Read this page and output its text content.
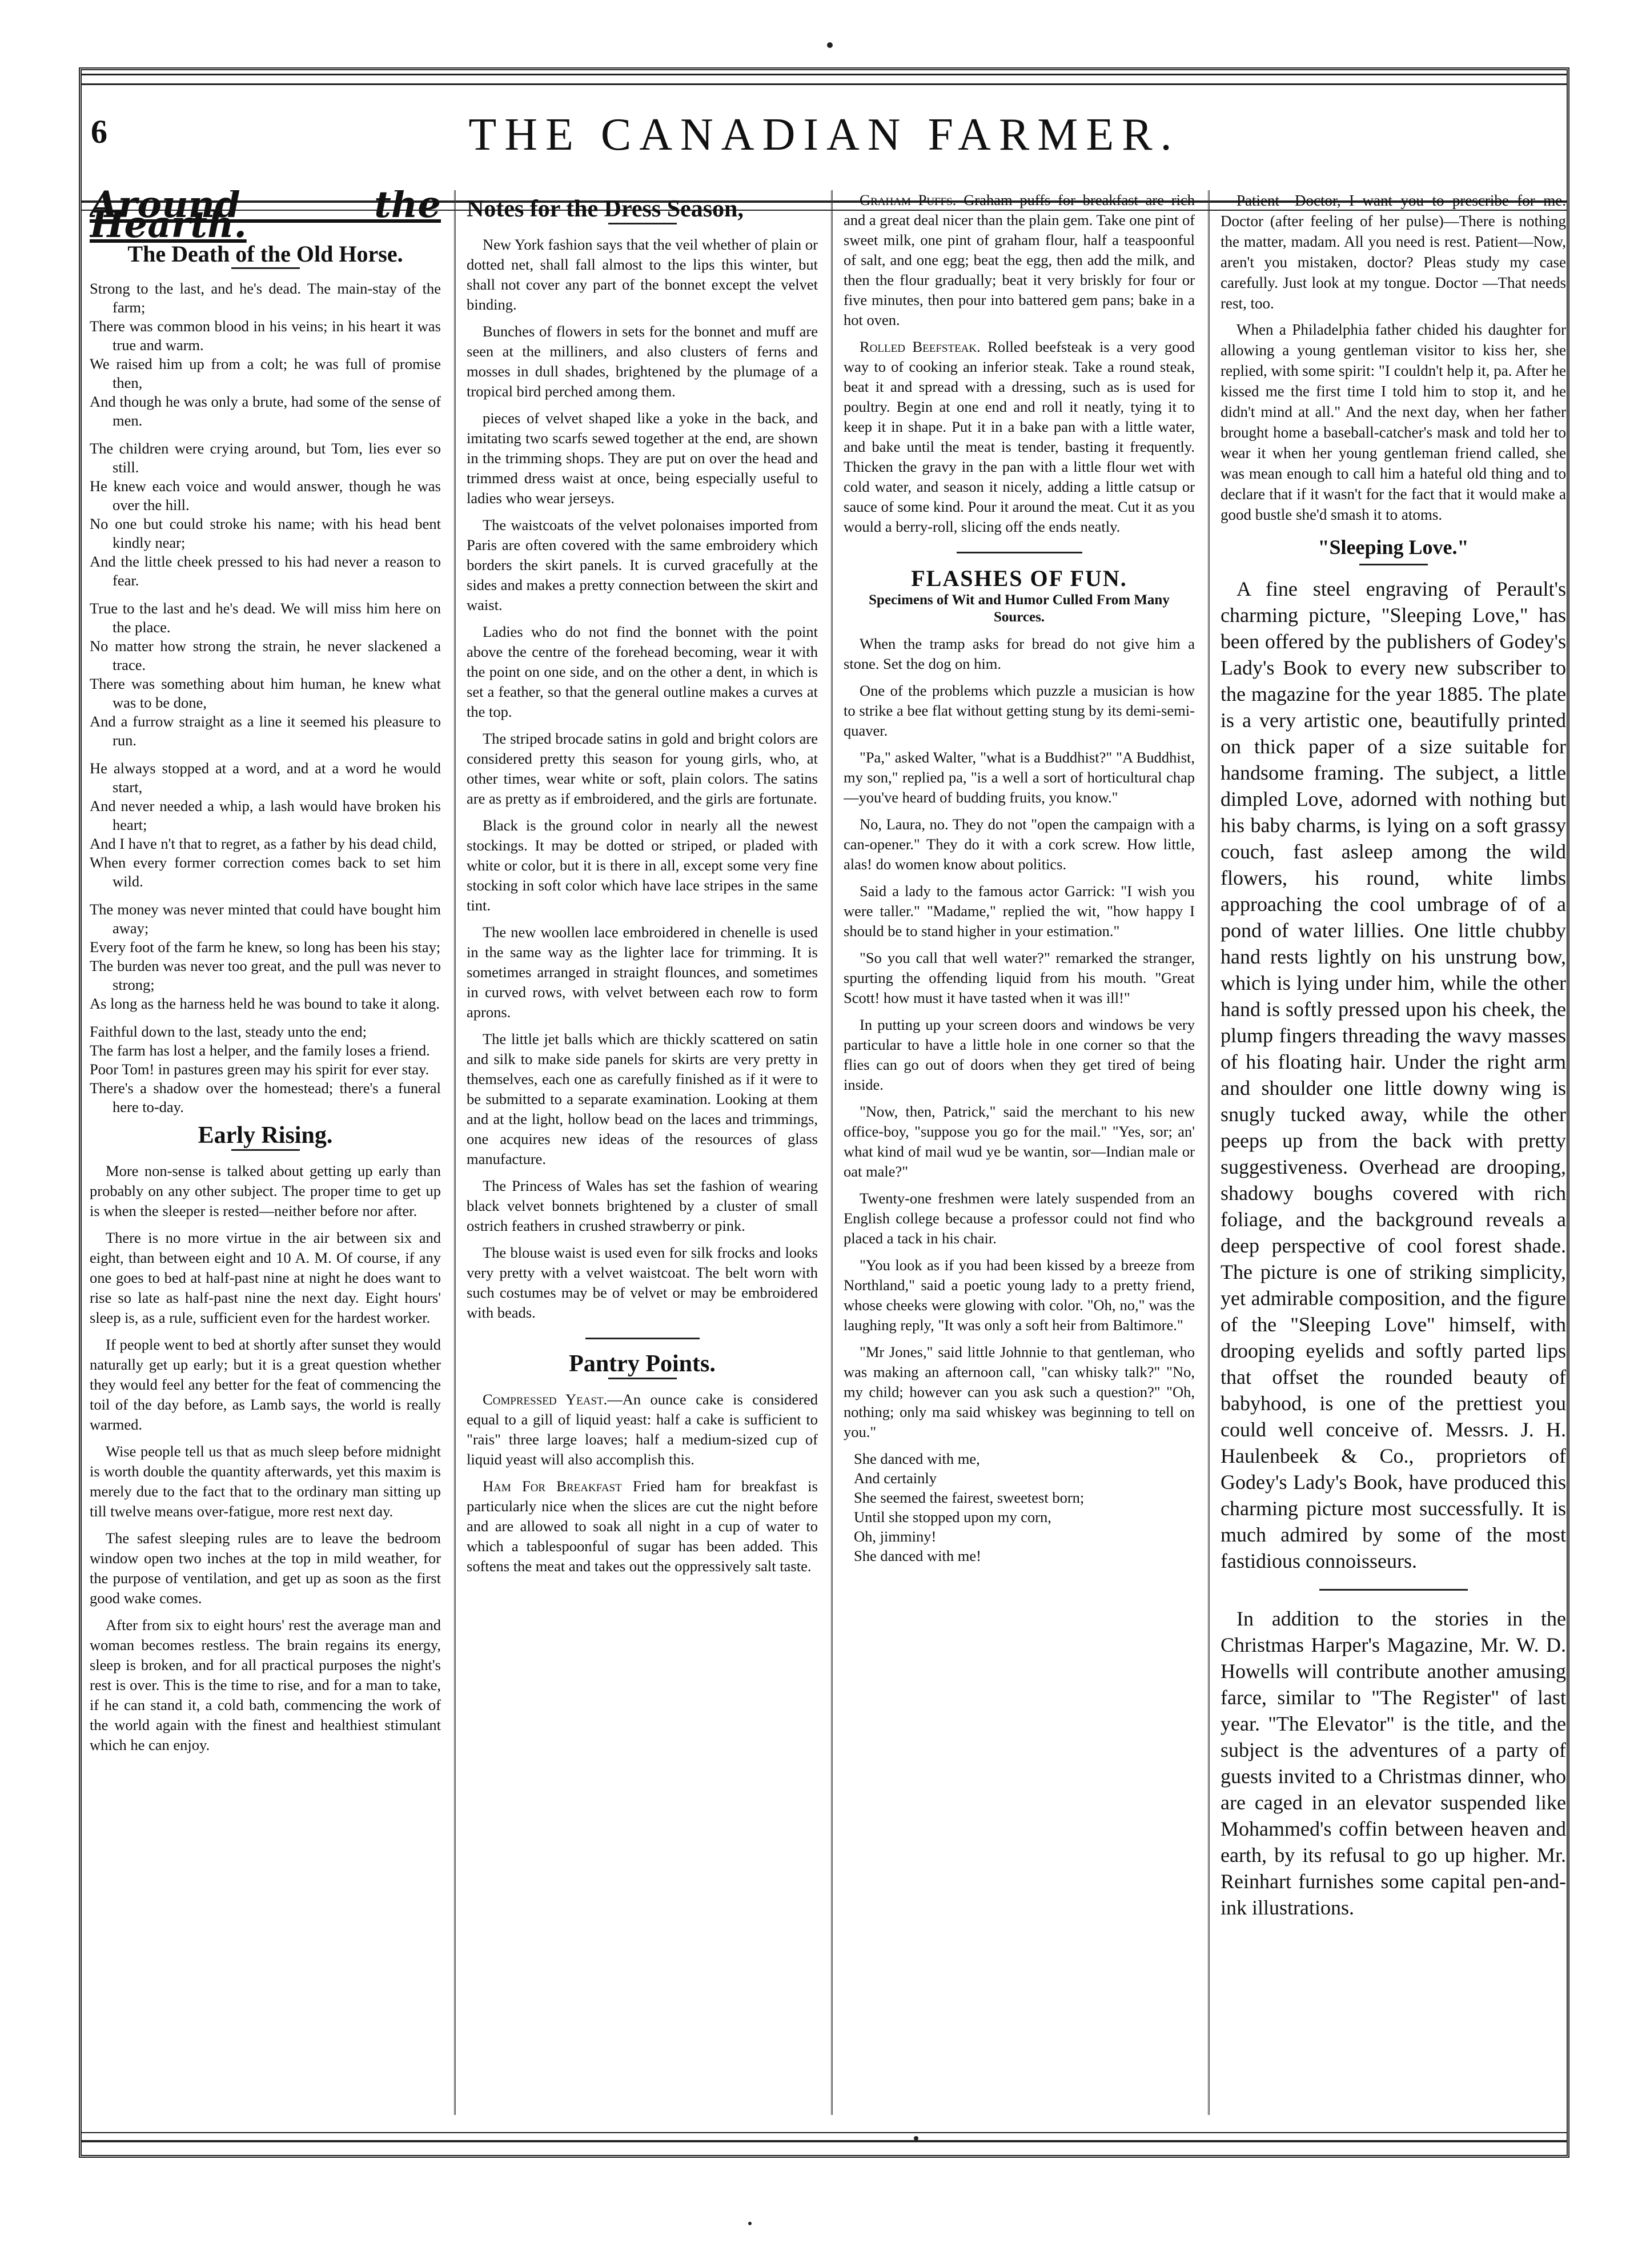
6	THE CANADIAN FARMER.
Around the Hearth.
The Death of the Old Horse.
Strong to the last, and he's dead. The main-stay of the farm;
There was common blood in his veins; in his heart it was true and warm.
We raised him up from a colt; he was full of promise then,
And though he was only a brute, had some of the sense of men.
The children were crying around, but Tom, lies ever so still.
He knew each voice and would answer, though he was over the hill.
No one but could stroke his name; with his head bent kindly near;
And the little cheek pressed to his had never a reason to fear.
True to the last and he's dead. We will miss him here on the place.
No matter how strong the strain, he never slackened a trace.
There was something about him human, he knew what was to be done,
And a furrow straight as a line it seemed his pleasure to run.
He always stopped at a word, and at a word he would start,
And never needed a whip, a lash would have broken his heart;
And I have n't that to regret, as a father by his dead child,
When every former correction comes back to set him wild.
The money was never minted that could have bought him away;
Every foot of the farm he knew, so long has been his stay;
The burden was never too great, and the pull was never to strong;
As long as the harness held he was bound to take it along.
Faithful down to the last, steady unto the end;
The farm has lost a helper, and the family loses a friend.
Poor Tom! in pastures green may his spirit for ever stay.
There's a shadow over the homestead; there's a funeral here to-day.
Early Rising.

More non-sense is talked about getting up early than probably on any other subject. The proper time to get up is when the sleeper is rested—neither before nor after.

There is no more virtue in the air between six and eight, than between eight and 10 A. M. Of course, if any one goes to bed at half-past nine at night he does want to rise so late as half-past nine the next day. Eight hours' sleep is, as a rule, sufficient even for the hardest worker.

If people went to bed at shortly after sunset they would naturally get up early; but it is a great question whether they would feel any better for the feat of commencing the toil of the day before, as Lamb says, the world is really warmed.

Wise people tell us that as much sleep before midnight is worth double the quantity afterwards, yet this maxim is merely due to the fact that to the ordinary man sitting up till twelve means over-fatigue, more rest next day.

The safest sleeping rules are to leave the bedroom window open two inches at the top in mild weather, for the purpose of ventilation, and get up as soon as the first good wake comes.

After from six to eight hours' rest the average man and woman becomes restless. The brain regains its energy, sleep is broken, and for all practical purposes the night's rest is over. This is the time to rise, and for a man to take, if he can stand it, a cold bath, commencing the work of the world again with the finest and healthiest stimulant which he can enjoy.

Notes for the Dress Season,

New York fashion says that the veil whether of plain or dotted net, shall fall almost to the lips this winter, but shall not cover any part of the bonnet except the velvet binding.

Bunches of flowers in sets for the bonnet and muff are seen at the milliners, and also clusters of ferns and mosses in dull shades, brightened by the plumage of a tropical bird perched among them.

pieces of velvet shaped like a yoke in the back, and imitating two scarfs sewed together at the end, are shown in the trimming shops. They are put on over the head and trimmed dress waist at once, being especially useful to ladies who wear jerseys.

The waistcoats of the velvet polonaises imported from Paris are often covered with the same embroidery which borders the skirt panels. It is curved gracefully at the sides and makes a pretty connection between the skirt and waist.

Ladies who do not find the bonnet with the point above the centre of the forehead becoming, wear it with the point on one side, and on the other a dent, in which is set a feather, so that the general outline makes a curves at the top.

The striped brocade satins in gold and bright colors are considered pretty this season for young girls, who, at other times, wear white or soft, plain colors. The satins are as pretty as if embroidered, and the girls are fortunate.

Black is the ground color in nearly all the newest stockings. It may be dotted or striped, or pladed with white or color, but it is there in all, except some very fine stocking in soft color which have lace stripes in the same tint.

The new woollen lace embroidered in chenelle is used in the same way as the lighter lace for trimming. It is sometimes arranged in straight flounces, and sometimes in curved rows, with velvet between each row to form aprons.

The little jet balls which are thickly scattered on satin and silk to make side panels for skirts are very pretty in themselves, each one as carefully finished as if it were to be submitted to a separate examination. Looking at them and at the light, hollow bead on the laces and trimmings, one acquires new ideas of the resources of glass manufacture.

The Princess of Wales has set the fashion of wearing black velvet bonnets brightened by a cluster of small ostrich feathers in crushed strawberry or pink.

The blouse waist is used even for silk frocks and looks very pretty with a velvet waistcoat. The belt worn with such costumes may be of velvet or may be embroidered with beads.

Pantry Points.

Compressed Yeast.—An ounce cake is considered equal to a gill of liquid yeast: half a cake is sufficient to "rais" three large loaves; half a medium-sized cup of liquid yeast will also accomplish this.

Ham For Breakfast Fried ham for breakfast is particularly nice when the slices are cut the night before and are allowed to soak all night in a cup of water to which a tablespoonful of sugar has been added. This softens the meat and takes out the oppressively salt taste.

Graham Puffs. Graham puffs for breakfast are rich and a great deal nicer than the plain gem. Take one pint of sweet milk, one pint of graham flour, half a teaspoonful of salt, and one egg; beat the egg, then add the milk, and then the flour gradually; beat it very briskly for four or five minutes, then pour into battered gem pans; bake in a hot oven.

Rolled Beefsteak. Rolled beefsteak is a very good way to of cooking an inferior steak. Take a round steak, beat it and spread with a dressing, such as is used for poultry. Begin at one end and roll it neatly, tying it to keep it in shape. Put it in a bake pan with a little water, and bake until the meat is tender, basting it frequently. Thicken the gravy in the pan with a little flour wet with cold water, and season it nicely, adding a little catsup or sauce of some kind. Pour it around the meat. Cut it as you would a berry-roll, slicing off the ends neatly.

FLASHES OF FUN.
Specimens of Wit and Humor Culled From Many Sources.

When the tramp asks for bread do not give him a stone. Set the dog on him.

One of the problems which puzzle a musician is how to strike a bee flat without getting stung by its demi-semi-quaver.

"Pa," asked Walter, "what is a Buddhist?" "A Buddhist, my son," replied pa, "is a well a sort of horticultural chap—you've heard of budding fruits, you know."

No, Laura, no. They do not "open the campaign with a can-opener." They do it with a cork screw. How little, alas! do women know about politics.

Said a lady to the famous actor Garrick: "I wish you were taller." "Madame," replied the wit, "how happy I should be to stand higher in your estimation."

"So you call that well water?" remarked the stranger, spurting the offending liquid from his mouth. "Great Scott! how must it have tasted when it was ill!"

In putting up your screen doors and windows be very particular to have a little hole in one corner so that the flies can go out of doors when they get tired of being inside.

"Now, then, Patrick," said the merchant to his new office-boy, "suppose you go for the mail." "Yes, sor; an' what kind of mail wud ye be wantin, sor—Indian male or oat male?"

Twenty-one freshmen were lately suspended from an English college because a professor could not find who placed a tack in his chair.

"You look as if you had been kissed by a breeze from Northland," said a poetic young lady to a pretty friend, whose cheeks were glowing with color. "Oh, no," was the laughing reply, "It was only a soft heir from Baltimore."

"Mr Jones," said little Johnnie to that gentleman, who was making an afternoon call, "can whisky talk?" "No, my child; however can you ask such a question?" "Oh, nothing; only ma said whiskey was beginning to tell on you."

She danced with me,
And certainly
She seemed the fairest, sweetest born;
Until she stopped upon my corn,
Oh, jimminy!
She danced with me!

Patient—Doctor, I want you to prescribe for me. Doctor (after feeling of her pulse)—There is nothing the matter, madam. All you need is rest. Patient—Now, aren't you mistaken, doctor? Pleas study my case carefully. Just look at my tongue. Doctor —That needs rest, too.

When a Philadelphia father chided his daughter for allowing a young gentleman visitor to kiss her, she replied, with some spirit: "I couldn't help it, pa. After he kissed me the first time I told him to stop it, and he didn't mind at all." And the next day, when her father brought home a baseball-catcher's mask and told her to wear it when her young gentleman friend called, she was mean enough to call him a hateful old thing and to declare that if it wasn't for the fact that it would make a good bustle she'd smash it to atoms.

"Sleeping Love."

A fine steel engraving of Perault's charming picture, "Sleeping Love," has been offered by the publishers of Godey's Lady's Book to every new subscriber to the magazine for the year 1885. The plate is a very artistic one, beautifully printed on thick paper of a size suitable for handsome framing. The subject, a little dimpled Love, adorned with nothing but his baby charms, is lying on a soft grassy couch, fast asleep among the wild flowers, his round, white limbs approaching the cool umbrage of of a pond of water lillies. One little chubby hand rests lightly on his unstrung bow, which is lying under him, while the other hand is softly pressed upon his cheek, the plump fingers threading the wavy masses of his floating hair. Under the right arm and shoulder one little downy wing is snugly tucked away, while the other peeps up from the back with pretty suggestiveness. Overhead are drooping, shadowy boughs covered with rich foliage, and the background reveals a deep perspective of cool forest shade. The picture is one of striking simplicity, yet admirable composition, and the figure of the "Sleeping Love" himself, with drooping eyelids and softly parted lips that offset the rounded beauty of babyhood, is one of the prettiest you could well conceive of. Messrs. J. H. Haulenbeek & Co., proprietors of Godey's Lady's Book, have produced this charming picture most successfully. It is much admired by some of the most fastidious connoisseurs.

In addition to the stories in the Christmas Harper's Magazine, Mr. W. D. Howells will contribute another amusing farce, similar to "The Register" of last year. "The Elevator" is the title, and the subject is the adventures of a party of guests invited to a Christmas dinner, who are caged in an elevator suspended like Mohammed's coffin between heaven and earth, by its refusal to go up higher. Mr. Reinhart furnishes some capital pen-and-ink illustrations.
